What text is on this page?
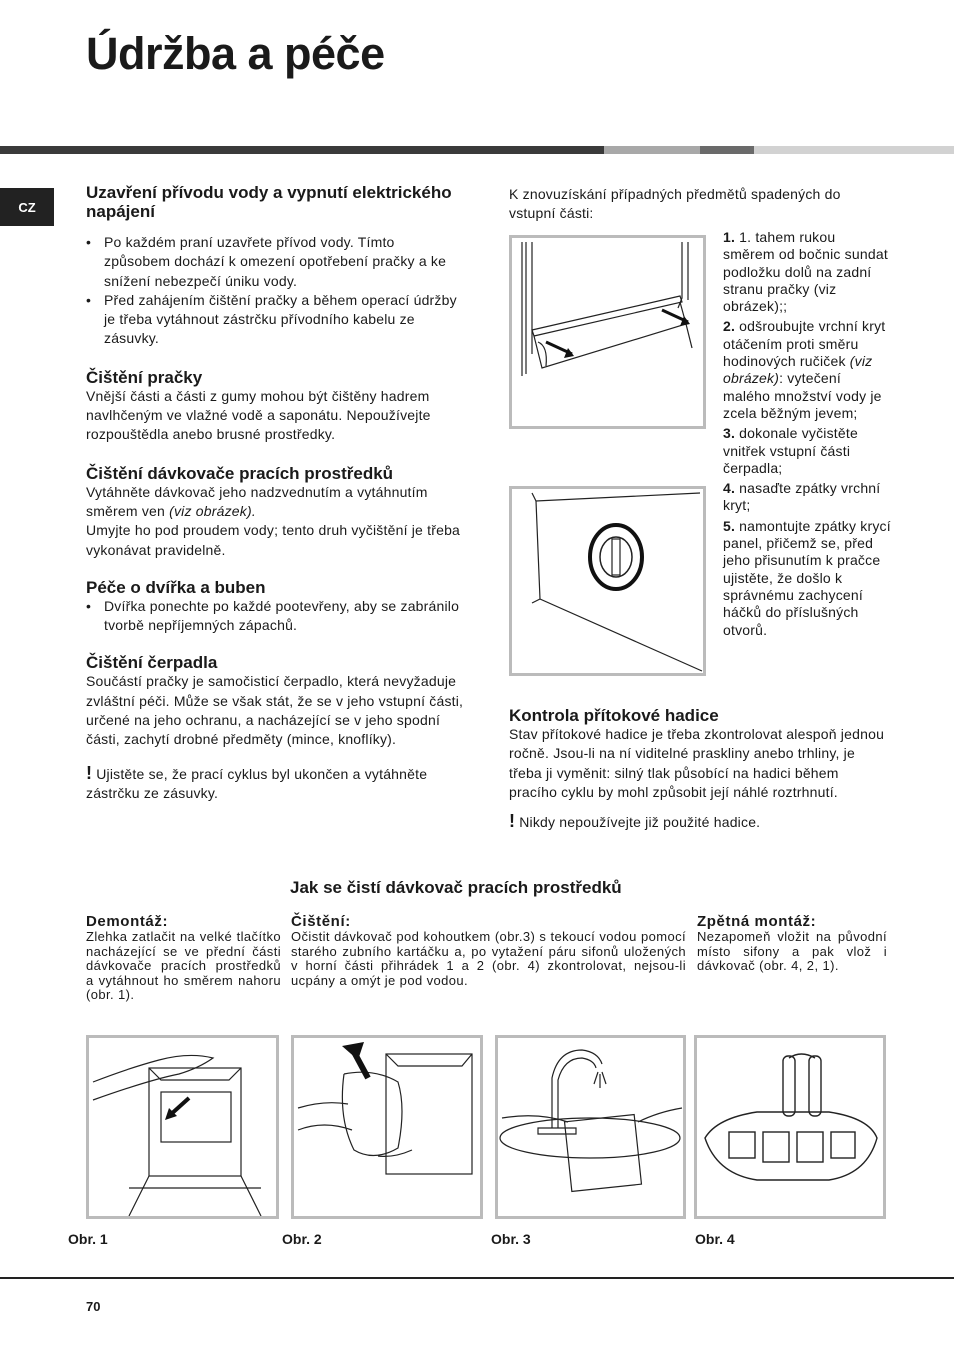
Údržba a péče
CZ
Uzavření přívodu vody a vypnutí elektrického napájení
• Po každém praní uzavřete přívod vody. Tímto způsobem dochází k omezení opotřebení pračky a ke snížení nebezpečí úniku vody.
• Před zahájením čištění pračky a během operací údržby je třeba vytáhnout zástrčku přívodního kabelu ze zásuvky.
Čištění pračky

Vnější části a části z gumy mohou být čištěny hadrem navlhčeným ve vlažné vodě a saponátu. Nepoužívejte rozpouštědla anebo brusné prostředky.

Čištění dávkovače pracích prostředků

Vytáhněte dávkovač jeho nadzvednutím a vytáhnutím směrem ven (viz obrázek).

Umyjte ho pod proudem vody; tento druh vyčištění je třeba vykonávat pravidelně.

Péče o dvířka a buben
• Dvířka ponechte po každé pootevřeny, aby se zabránilo tvorbě nepříjemných zápachů.
Čištění čerpadla

Součástí pračky je samočisticí čerpadlo, která nevyžaduje zvláštní péči. Může se však stát, že se v jeho vstupní části, určené na jeho ochranu, a nacházející se v jeho spodní části, zachytí drobné předměty (mince, knoflíky).

! Ujistěte se, že prací cyklus byl ukončen a vytáhněte zástrčku ze zásuvky.

K znovuzískání případných předmětů spadených do vstupní části:

1. 1. tahem rukou směrem od bočnic sundat podložku dolů na zadní stranu pračky (viz obrázek);;
2. odšroubujte vrchní kryt otáčením proti směru hodinových ručiček (viz obrázek): vytečení malého množství vody je zcela běžným jevem;
3. dokonale vyčistěte vnitřek vstupní části čerpadla;
4. nasaďte zpátky vrchní kryt;
5. namontujte zpátky krycí panel, přičemž se, před jeho přisunutím k pračce ujistěte, že došlo k správnému zachycení háčků do příslušných otvorů.
Kontrola přítokové hadice

Stav přítokové hadice je třeba zkontrolovat alespoň jednou ročně. Jsou-li na ní viditelné praskliny anebo trhliny, je třeba ji vyměnit: silný tlak působící na hadici během pracího cyklu by mohl způsobit její náhlé roztrhnutí.

! Nikdy nepoužívejte již použité hadice.

Jak se čistí dávkovač pracích prostředků
Demontáž:

Zlehka zatlačit na velké tlačítko nacházející se ve přední části dávkovače pracích prostředků a vytáhnout ho směrem nahoru (obr. 1).

Čištění:

Očistit dávkovač pod kohoutkem (obr.3) s tekoucí vodou pomocí starého zubního kartáčku a, po vytažení páru sifonů uložených v horní části přihrádek 1 a 2 (obr. 4) zkontrolovat, nejsou-li ucpány a omýt je pod vodou.

Zpětná montáž:

Nezapomeň vložit na původní místo sifony a pak vlož i dávkovač (obr. 4, 2, 1).

Obr. 1	Obr. 2	Obr. 3	Obr. 4
70
